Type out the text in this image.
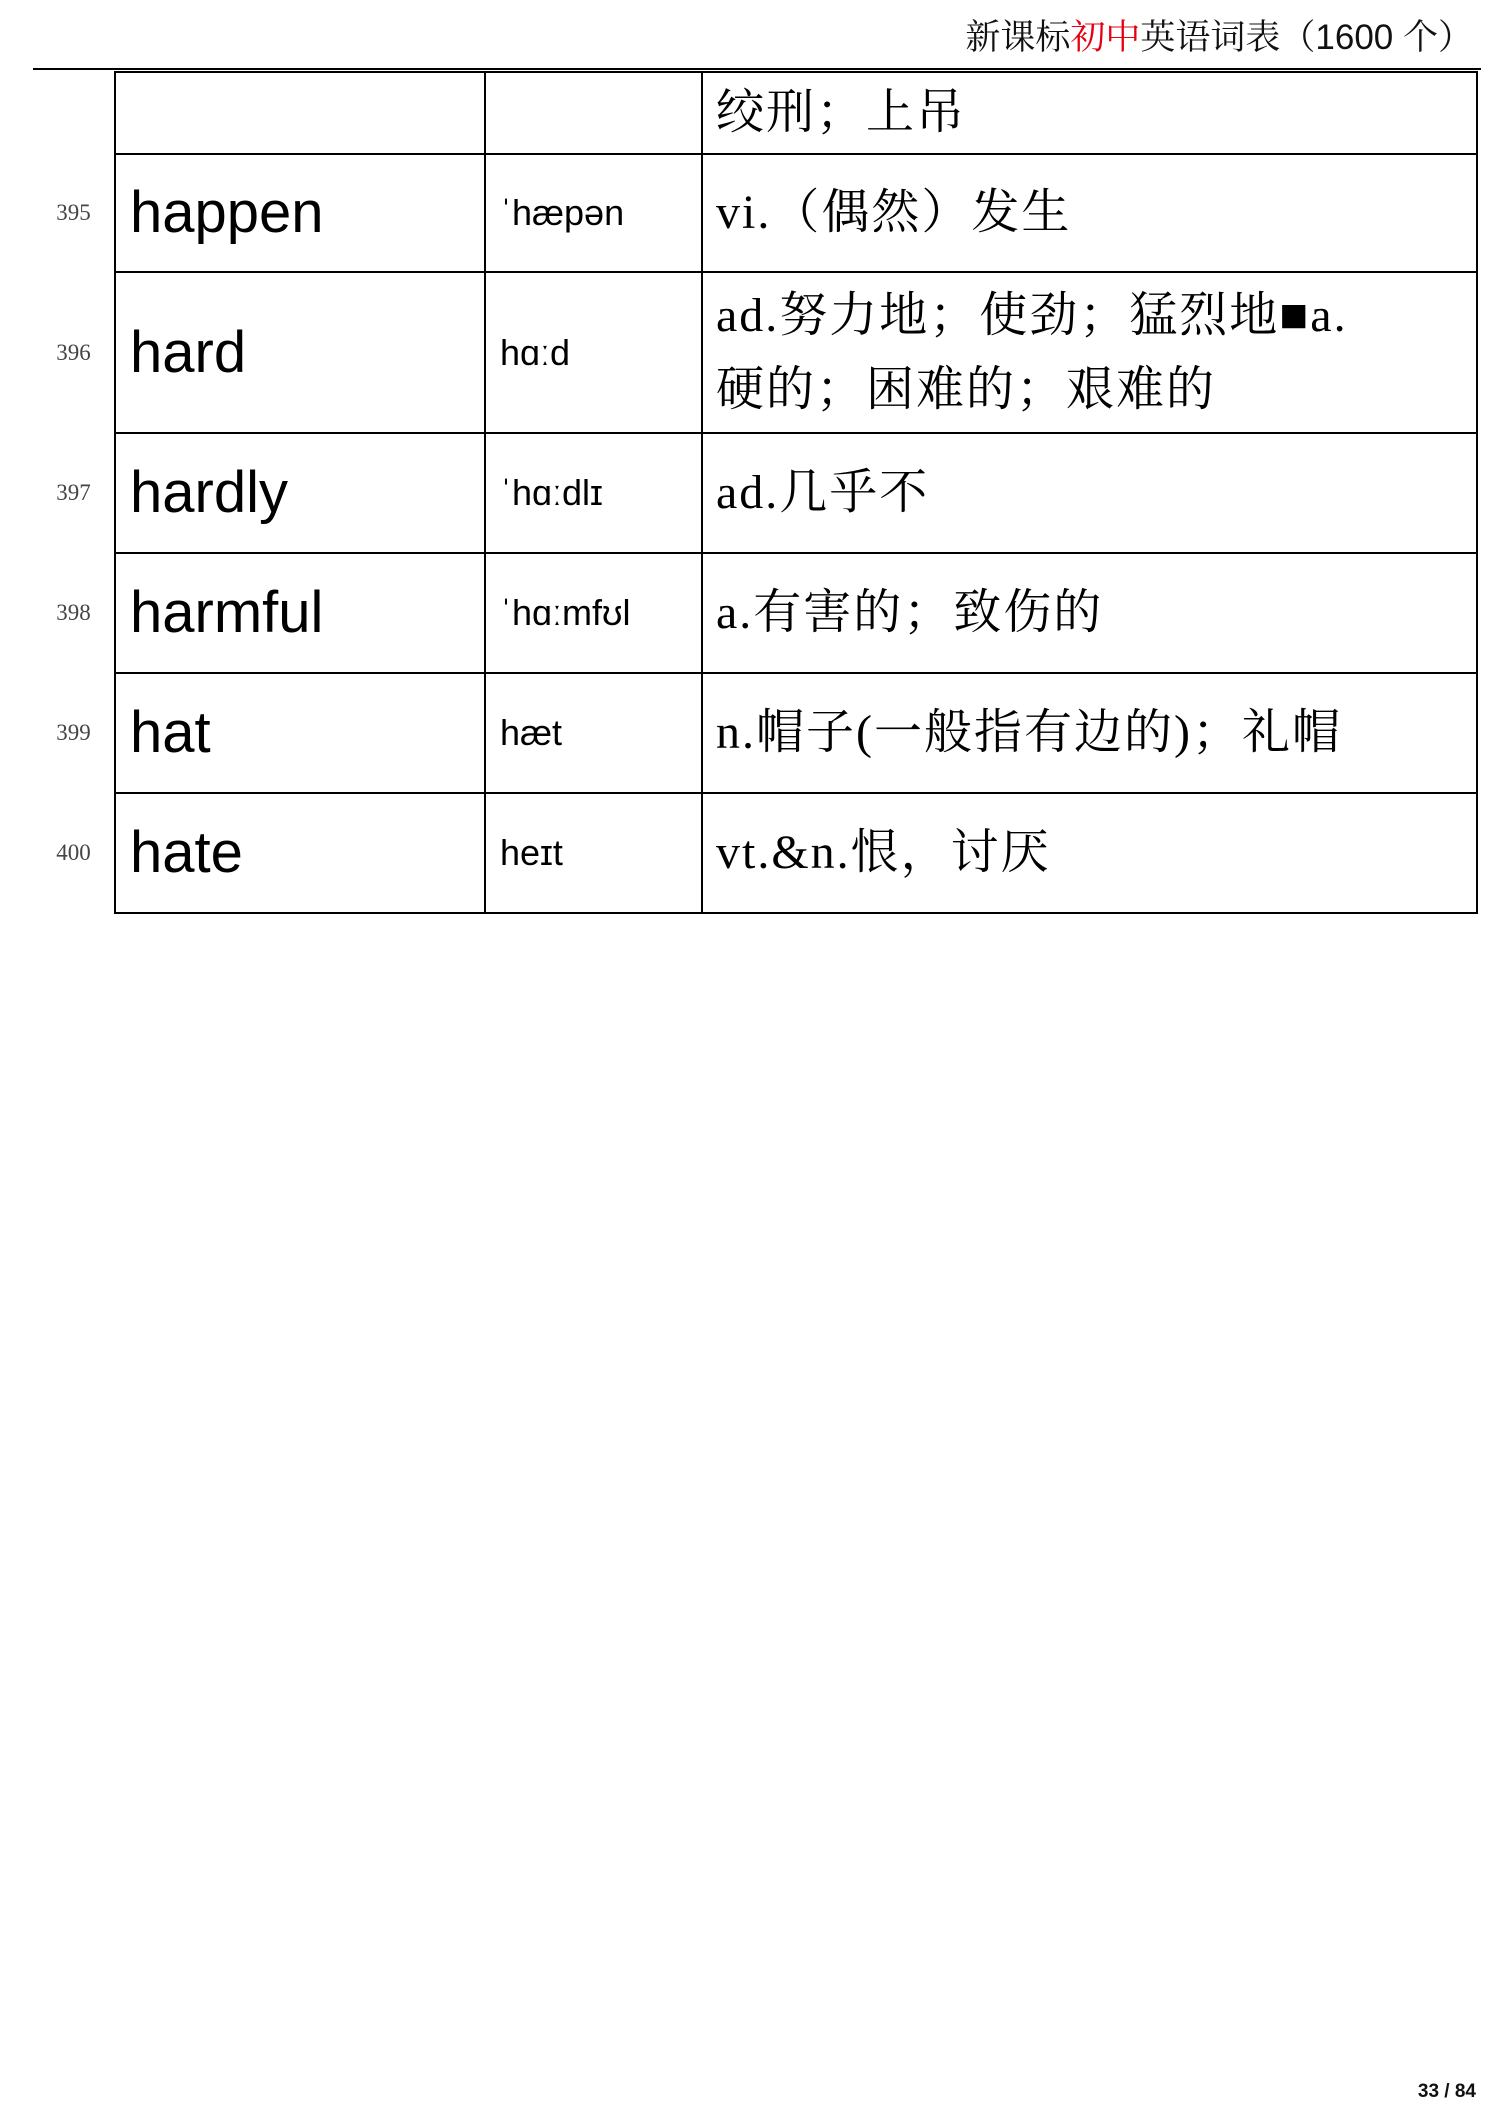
新课标初中英语词表（1600 个）

			绞刑；上吊

395	happen	ˈhæpən	vi.（偶然）发生

396	hard	hɑːd	ad.努力地；使劲；猛烈地■a.
硬的；困难的；艰难的

397	hardly	ˈhɑːdlɪ	ad.几乎不

398	harmful	ˈhɑːmfʊl	a.有害的；致伤的

399	hat	hæt	n.帽子(一般指有边的)；礼帽

400	hate	heɪt	vt.&n.恨，讨厌
33 / 84
